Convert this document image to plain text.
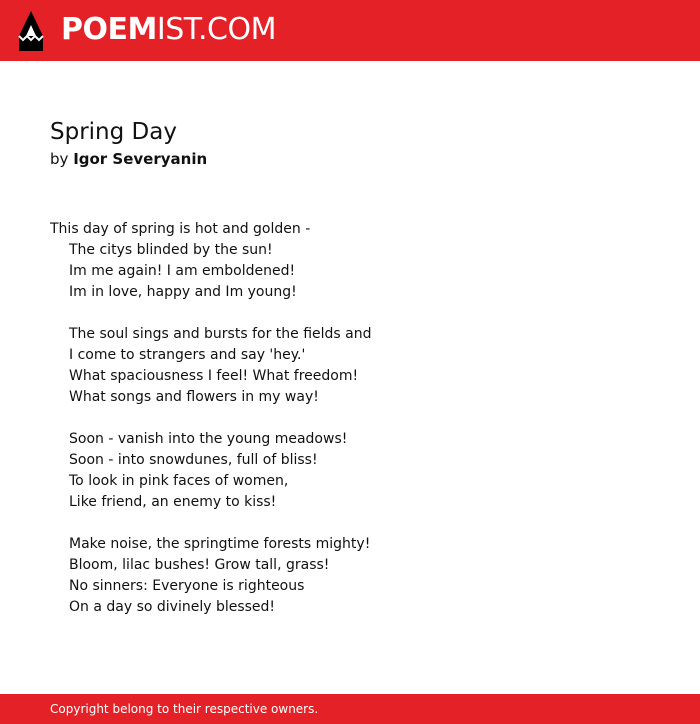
POEMIST.COM
Spring Day
by Igor Severyanin
This day of spring is hot and golden -
The citys blinded by the sun!
Im me again! I am emboldened!
Im in love, happy and Im young!
The soul sings and bursts for the fields and
I come to strangers and say 'hey.'
What spaciousness I feel! What freedom!
What songs and flowers in my way!
Soon - vanish into the young meadows!
Soon - into snowdunes, full of bliss!
To look in pink faces of women,
Like friend, an enemy to kiss!
Make noise, the springtime forests mighty!
Bloom, lilac bushes! Grow tall, grass!
No sinners: Everyone is righteous
On a day so divinely blessed!
Copyright belong to their respective owners.
